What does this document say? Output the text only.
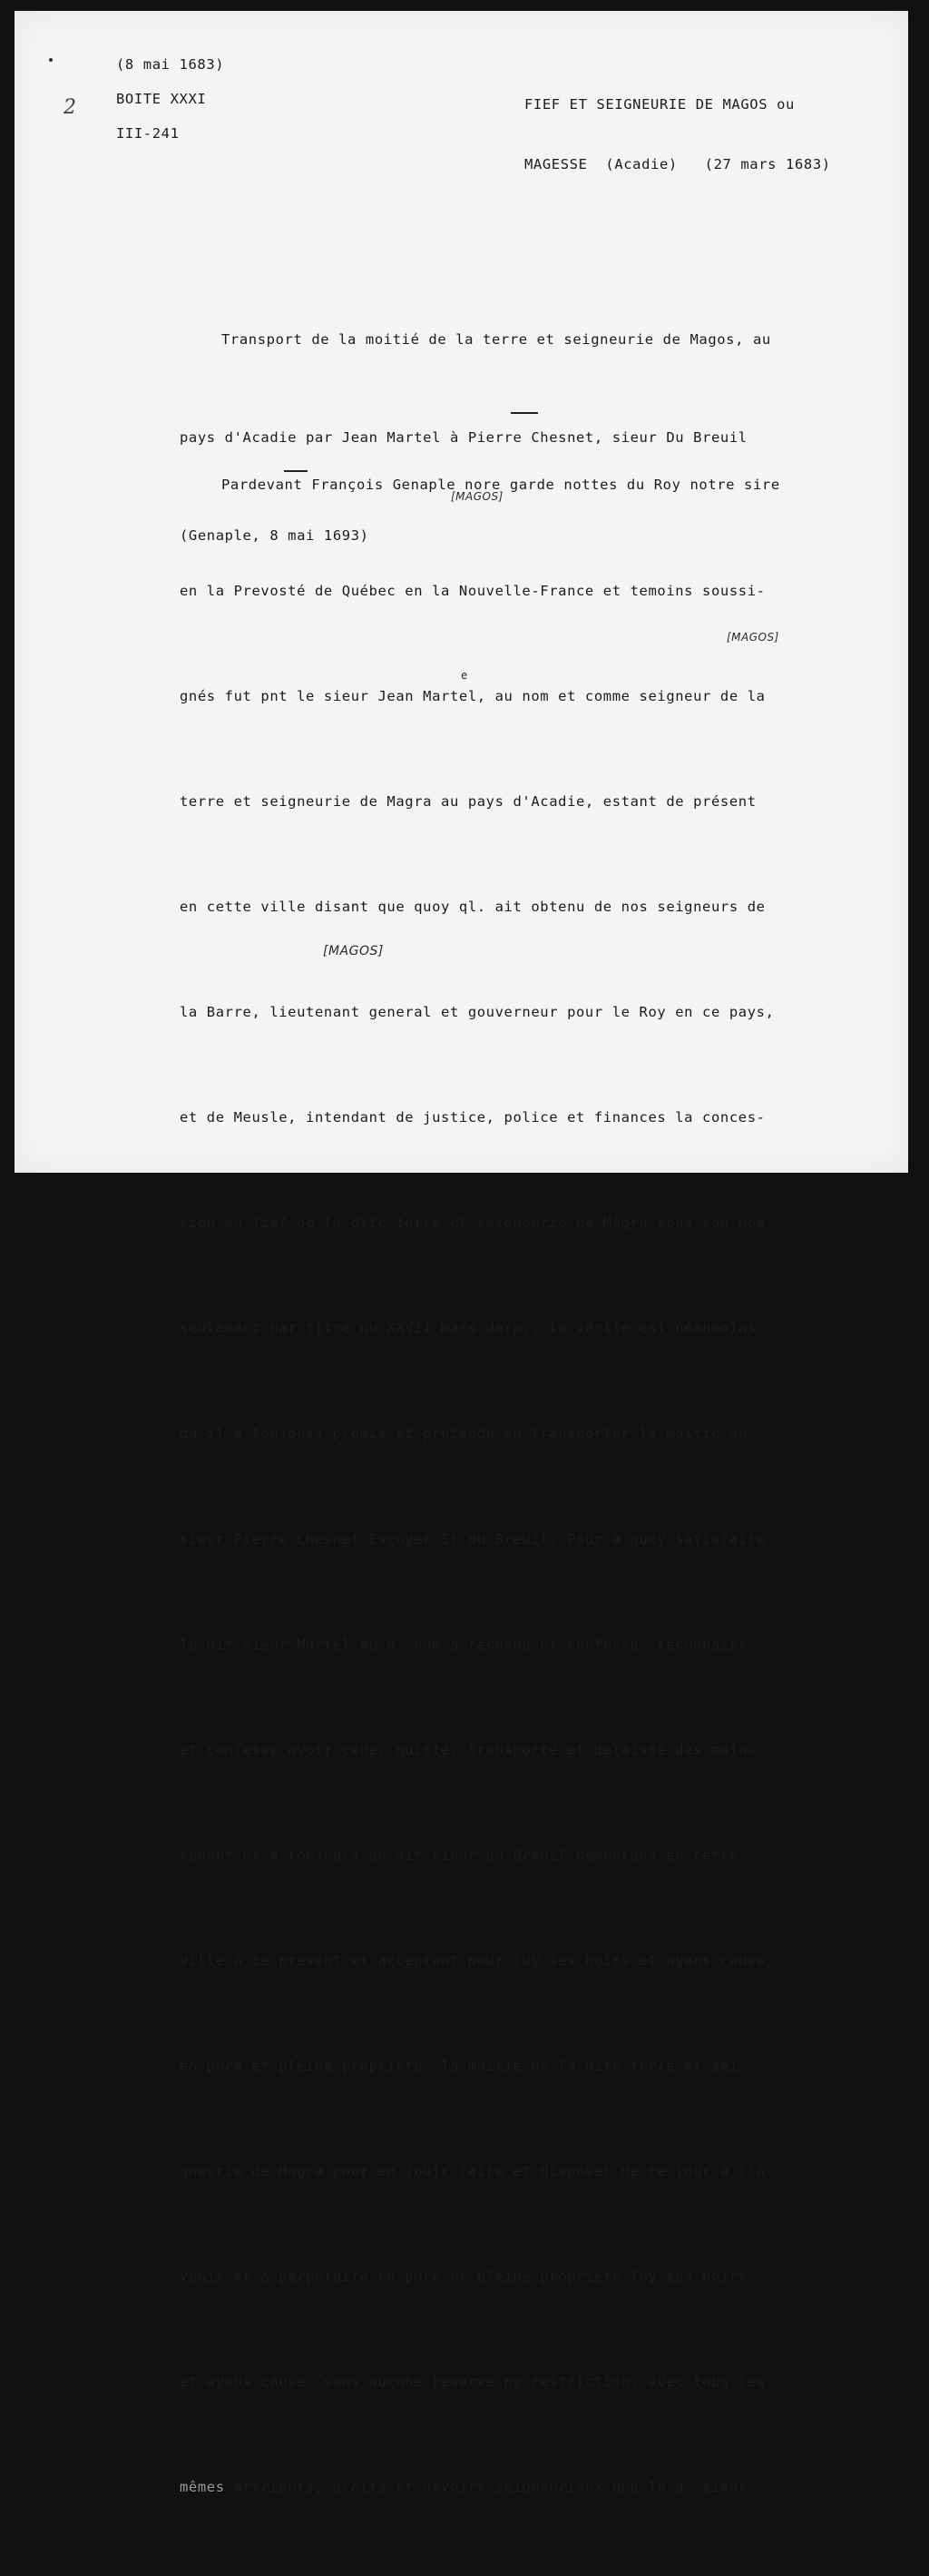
2
(8 mai 1683)
BOITE XXXI
III-241

FIEF ET SEIGNEURIE DE MAGOS ou

MAGESSE  (Acadie)   (27 mars 1683)

Transport de la moitié de la terre et seigneurie de Magos, au

pays d'Acadie par Jean Martel à Pierre Chesnet, sieur Du Breuil

(Genaple, 8 mai 1693)

Pardevant François Genaple nore garde nottes du Roy notre sire

en la Prevosté de Québec en la Nouvelle-France et temoins soussi-

gnés fut pnt le sieur Jean Martel, au nom et comme seigneur de la

terre et seigneurie de Magra au pays d'Acadie, estant de présent

en cette ville disant que quoy ql. ait obtenu de nos seigneurs de

la Barre, lieutenant general et gouverneur pour le Roy en ce pays,

et de Meusle, intendant de justice, police et finances la conces-

sion en fief de la dite terre et seigneurie de Magra sous son nom

seulement par titre du XXVII mars dern., la vérité est néanmoins

qu'il a toujours promis et prétendu en transporter la moitié au

sieur Pierre Chesnet Escuyer Sr du Breuil, Pour à quoy satisfaire

le dit sieur Martel au d. nom a reconnu et confessé, reconnaist

et confesse avoir cedé, quitté, transporté et delaissé dès main-

tenant et à toujours au dit sieur du Breuil demeurans en cette

ville à ce présent et acceptant pour luy ses hoirs et ayans cause,

en pure et pleine propriété, la moitié de la dite terre et sei-

gneurie de Magra pour en jouir faire et disposer de ce jour à l'a-

venir et à perpetuité en pure et pleine propriété luy ses hoirs

et ayans cause, sans aucune reserve ny restriction, avec tous les

mêmes attributs, droits et devoirs seigneuriaux que le d. sieur

[MAGOS]
e
[MAGOS]
[MAGOS]
